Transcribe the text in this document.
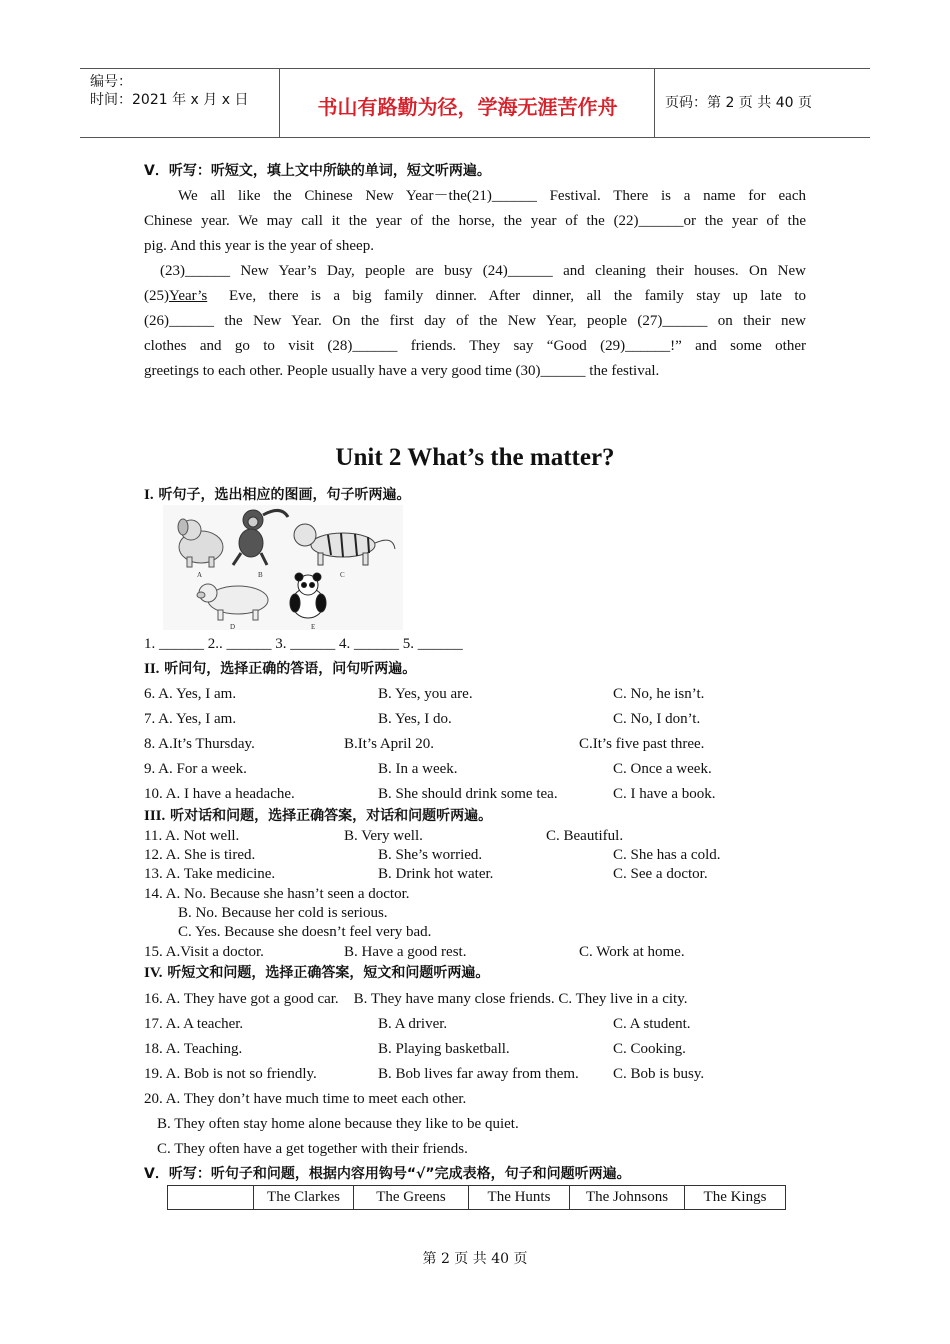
编号：
时间：2021 年 x 月 x 日	书山有路勤为径，学海无涯苦作舟	页码：第 2 页 共 40 页
V．听写：听短文，填上文中所缺的单词，短文听两遍。
We all like the Chinese New Year－the(21)______ Festival. There is a name for each
Chinese year. We may call it the year of the horse, the year of the (22)______or the year of the
pig. And this year is the year of sheep.
(23)______ New Year’s Day, people are busy (24)______ and cleaning their houses. On New
(25)Year’s Eve, there is a big family dinner. After dinner, all the family stay up late to
(26)______ the New Year. On the first day of the New Year, people (27)______ on their new
clothes and go to visit (28)______ friends. They say “Good (29)______!” and some other
greetings to each other. People usually have a very good time (30)______ the festival.
Unit 2 What’s the matter?
I. 听句子，选出相应的图画，句子听两遍。
A	B	C
D	E
1. ______ 2.. ______ 3. ______ 4. ______ 5. ______
II. 听问句，选择正确的答语，问句听两遍。
6. A. Yes, I am.	B. Yes, you are.	C. No, he isn’t.
7. A. Yes, I am.	B. Yes, I do.	C. No, I don’t.
8. A.It’s Thursday.	B.It’s April 20.	C.It’s five past three.
9. A. For a week.	B. In a week.	C. Once a week.
10. A. I have a headache.	B. She should drink some tea.	C. I have a book.
III. 听对话和问题，选择正确答案，对话和问题听两遍。
11. A. Not well.	B. Very well.	C. Beautiful.
12. A. She is tired.	B. She’s worried.	C. She has a cold.
13. A. Take medicine.	B. Drink hot water.	C. See a doctor.
14. A. No. Because she hasn’t seen a doctor.
B. No. Because her cold is serious.
C. Yes. Because she doesn’t feel very bad.
15. A.Visit a doctor.	B. Have a good rest.	C. Work at home.
IV. 听短文和问题，选择正确答案，短文和问题听两遍。
16. A. They have got a good car.    B. They have many close friends. C. They live in a city.
17. A. A teacher.	B. A driver.	C. A student.
18. A. Teaching.	B. Playing basketball.	C. Cooking.
19. A. Bob is not so friendly.	B. Bob lives far away from them. C. Bob is busy.
20. A. They don’t have much time to meet each other.
B. They often stay home alone because they like to be quiet.
C. They often have a get together with their friends.
V．听写：听句子和问题，根据内容用钩号“√”完成表格，句子和问题听两遍。
	The Clarkes	The Greens	The Hunts	The Johnsons	The Kings
第 2 页 共 40 页
